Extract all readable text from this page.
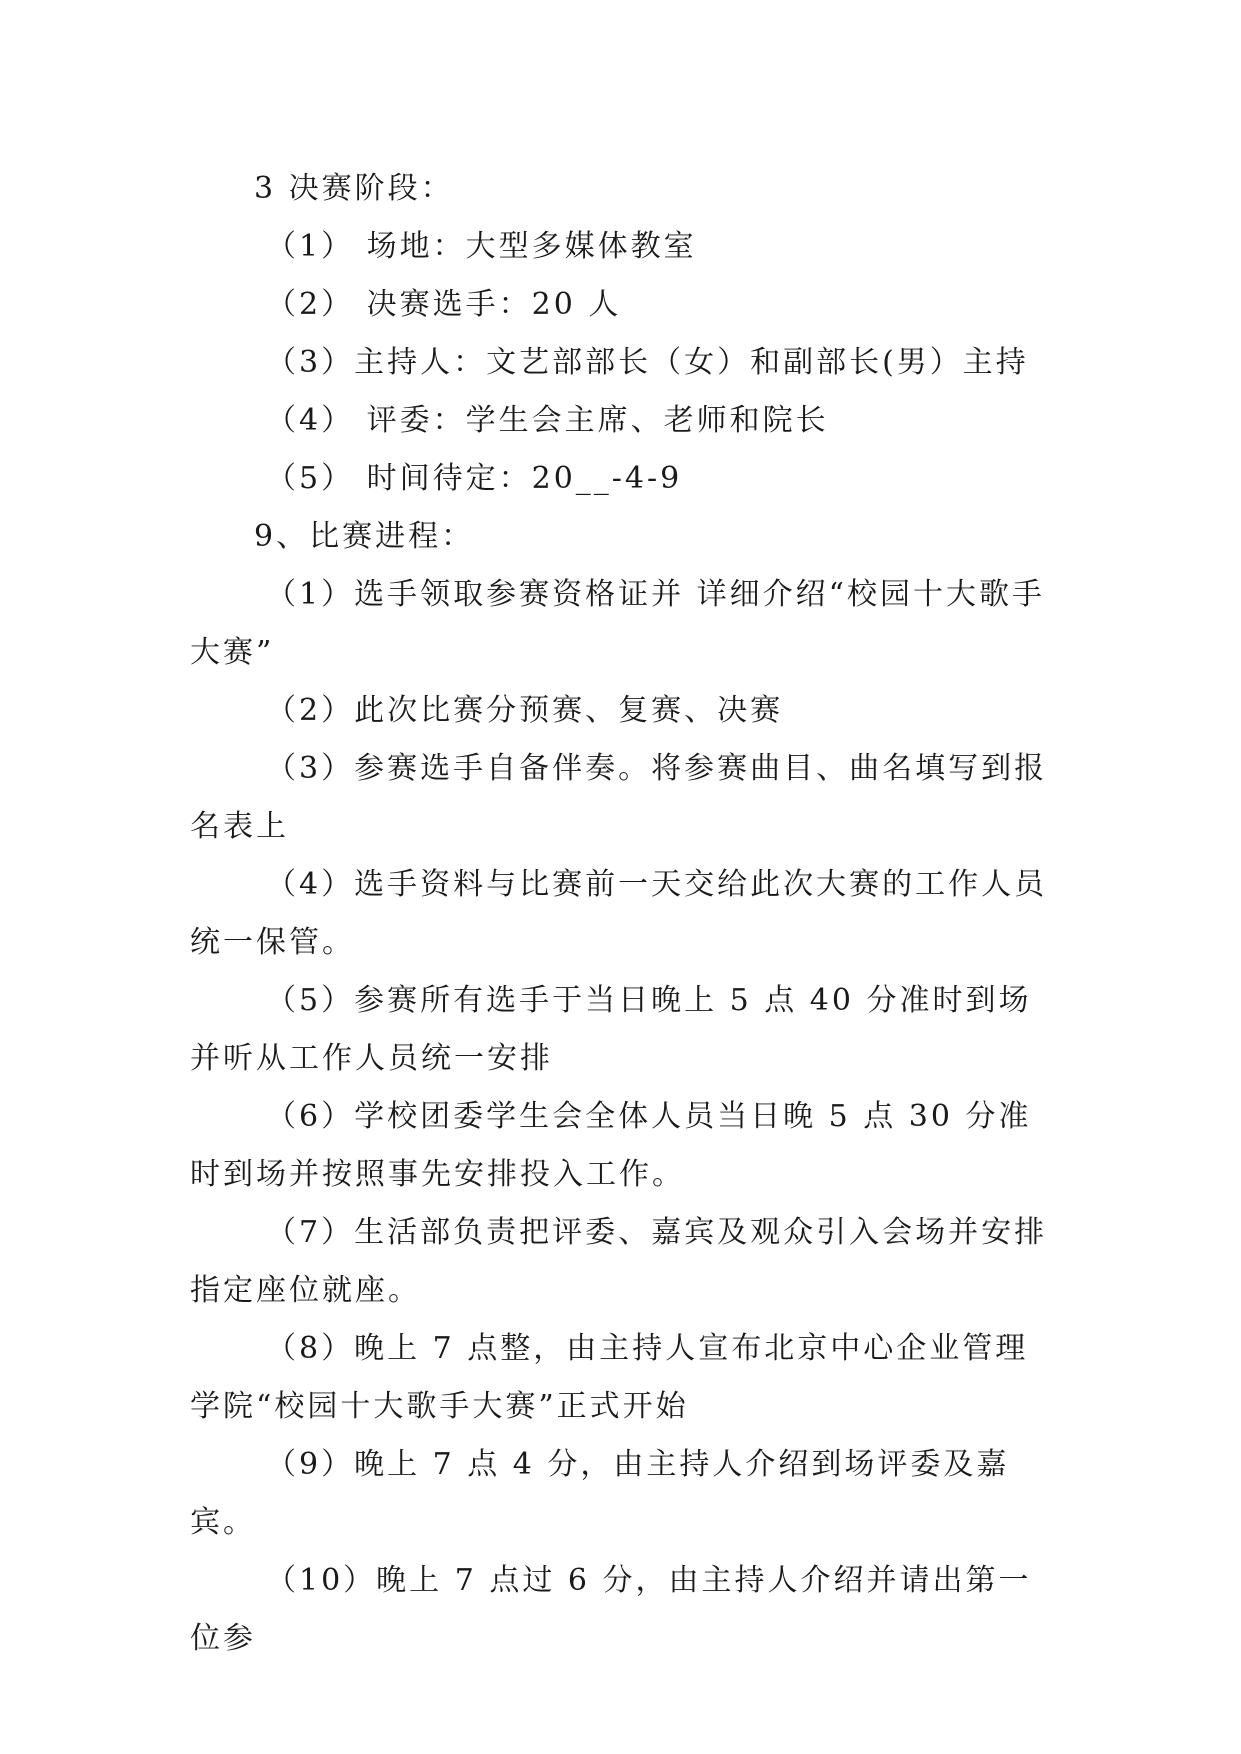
3 决赛阶段：

（1） 场地：大型多媒体教室

（2） 决赛选手：20 人

（3）主持人：文艺部部长（女）和副部长(男）主持

（4） 评委：学生会主席、老师和院长

（5） 时间待定：20__-4-9

9、比赛进程：

（1）选手领取参赛资格证并 详细介绍“校园十大歌手大赛”

（2）此次比赛分预赛、复赛、决赛

（3）参赛选手自备伴奏。将参赛曲目、曲名填写到报名表上

（4）选手资料与比赛前一天交给此次大赛的工作人员统一保管。

（5）参赛所有选手于当日晚上 5 点 40 分准时到场并听从工作人员统一安排

（6）学校团委学生会全体人员当日晚 5 点 30 分准时到场并按照事先安排投入工作。

（7）生活部负责把评委、嘉宾及观众引入会场并安排指定座位就座。

（8）晚上 7 点整，由主持人宣布北京中心企业管理学院“校园十大歌手大赛”正式开始

（9）晚上 7 点 4 分，由主持人介绍到场评委及嘉宾。

（10）晚上 7 点过 6 分，由主持人介绍并请出第一位参
